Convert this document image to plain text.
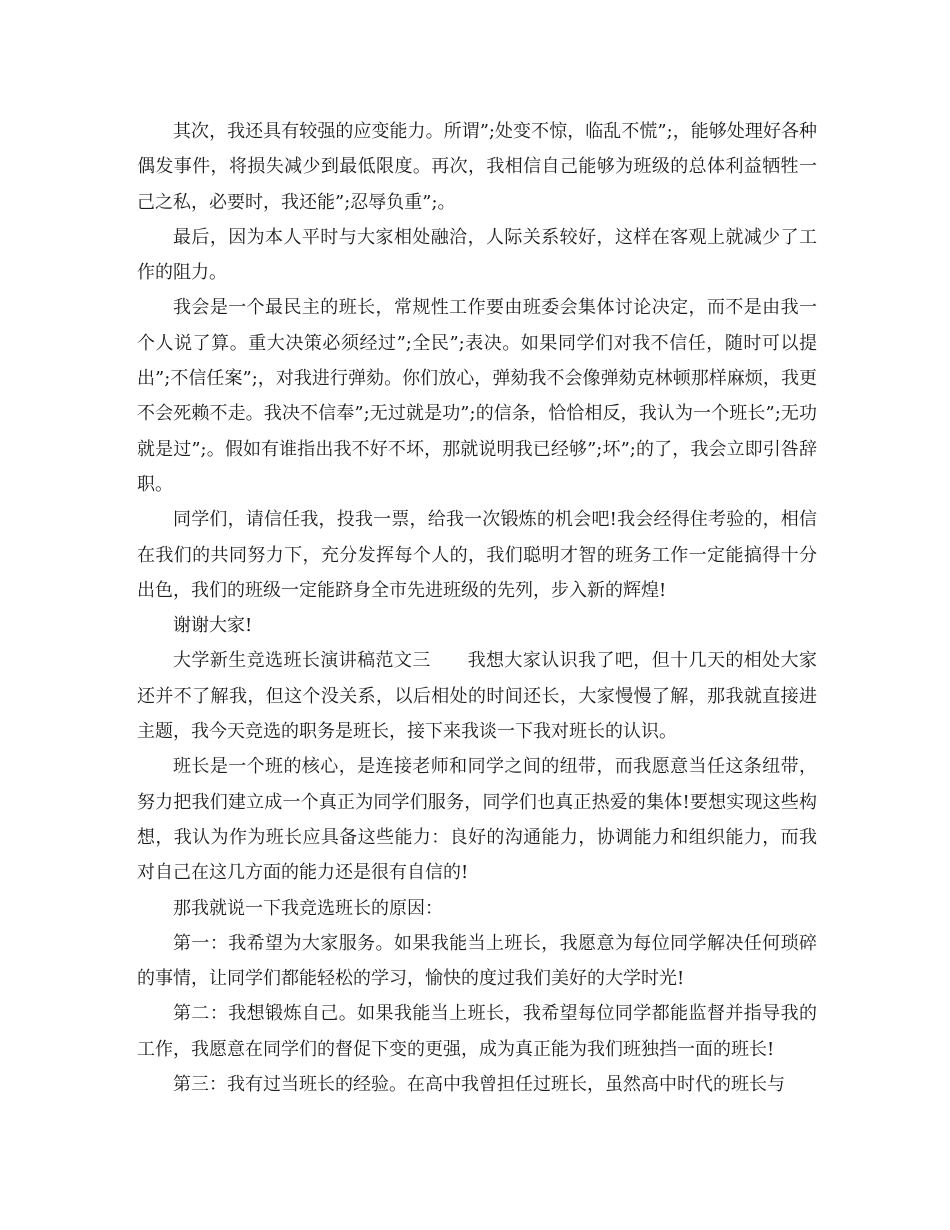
其次，我还具有较强的应变能力。所谓”;处变不惊，临乱不慌”;，能够处理好各种偶发事件，将损失减少到最低限度。再次，我相信自己能够为班级的总体利益牺牲一己之私，必要时，我还能”;忍辱负重”;。

最后，因为本人平时与大家相处融洽，人际关系较好，这样在客观上就减少了工作的阻力。

我会是一个最民主的班长，常规性工作要由班委会集体讨论决定，而不是由我一个人说了算。重大决策必须经过”;全民”;表决。如果同学们对我不信任，随时可以提出”;不信任案”;，对我进行弹劾。你们放心，弹劾我不会像弹劾克林顿那样麻烦，我更不会死赖不走。我决不信奉”;无过就是功”;的信条，恰恰相反，我认为一个班长”;无功就是过”;。假如有谁指出我不好不坏，那就说明我已经够”;坏”;的了，我会立即引咎辞职。

同学们，请信任我，投我一票，给我一次锻炼的机会吧!我会经得住考验的，相信在我们的共同努力下，充分发挥每个人的，我们聪明才智的班务工作一定能搞得十分出色，我们的班级一定能跻身全市先进班级的先列，步入新的辉煌!

谢谢大家!

大学新生竞选班长演讲稿范文三　　我想大家认识我了吧，但十几天的相处大家还并不了解我，但这个没关系，以后相处的时间还长，大家慢慢了解，那我就直接进主题，我今天竞选的职务是班长，接下来我谈一下我对班长的认识。

班长是一个班的核心，是连接老师和同学之间的纽带，而我愿意当任这条纽带，努力把我们建立成一个真正为同学们服务，同学们也真正热爱的集体!要想实现这些构想，我认为作为班长应具备这些能力：良好的沟通能力，协调能力和组织能力，而我对自己在这几方面的能力还是很有自信的!

那我就说一下我竞选班长的原因：

第一：我希望为大家服务。如果我能当上班长，我愿意为每位同学解决任何琐碎的事情，让同学们都能轻松的学习，愉快的度过我们美好的大学时光!

第二：我想锻炼自己。如果我能当上班长，我希望每位同学都能监督并指导我的工作，我愿意在同学们的督促下变的更强，成为真正能为我们班独挡一面的班长!

第三：我有过当班长的经验。在高中我曾担任过班长，虽然高中时代的班长与
